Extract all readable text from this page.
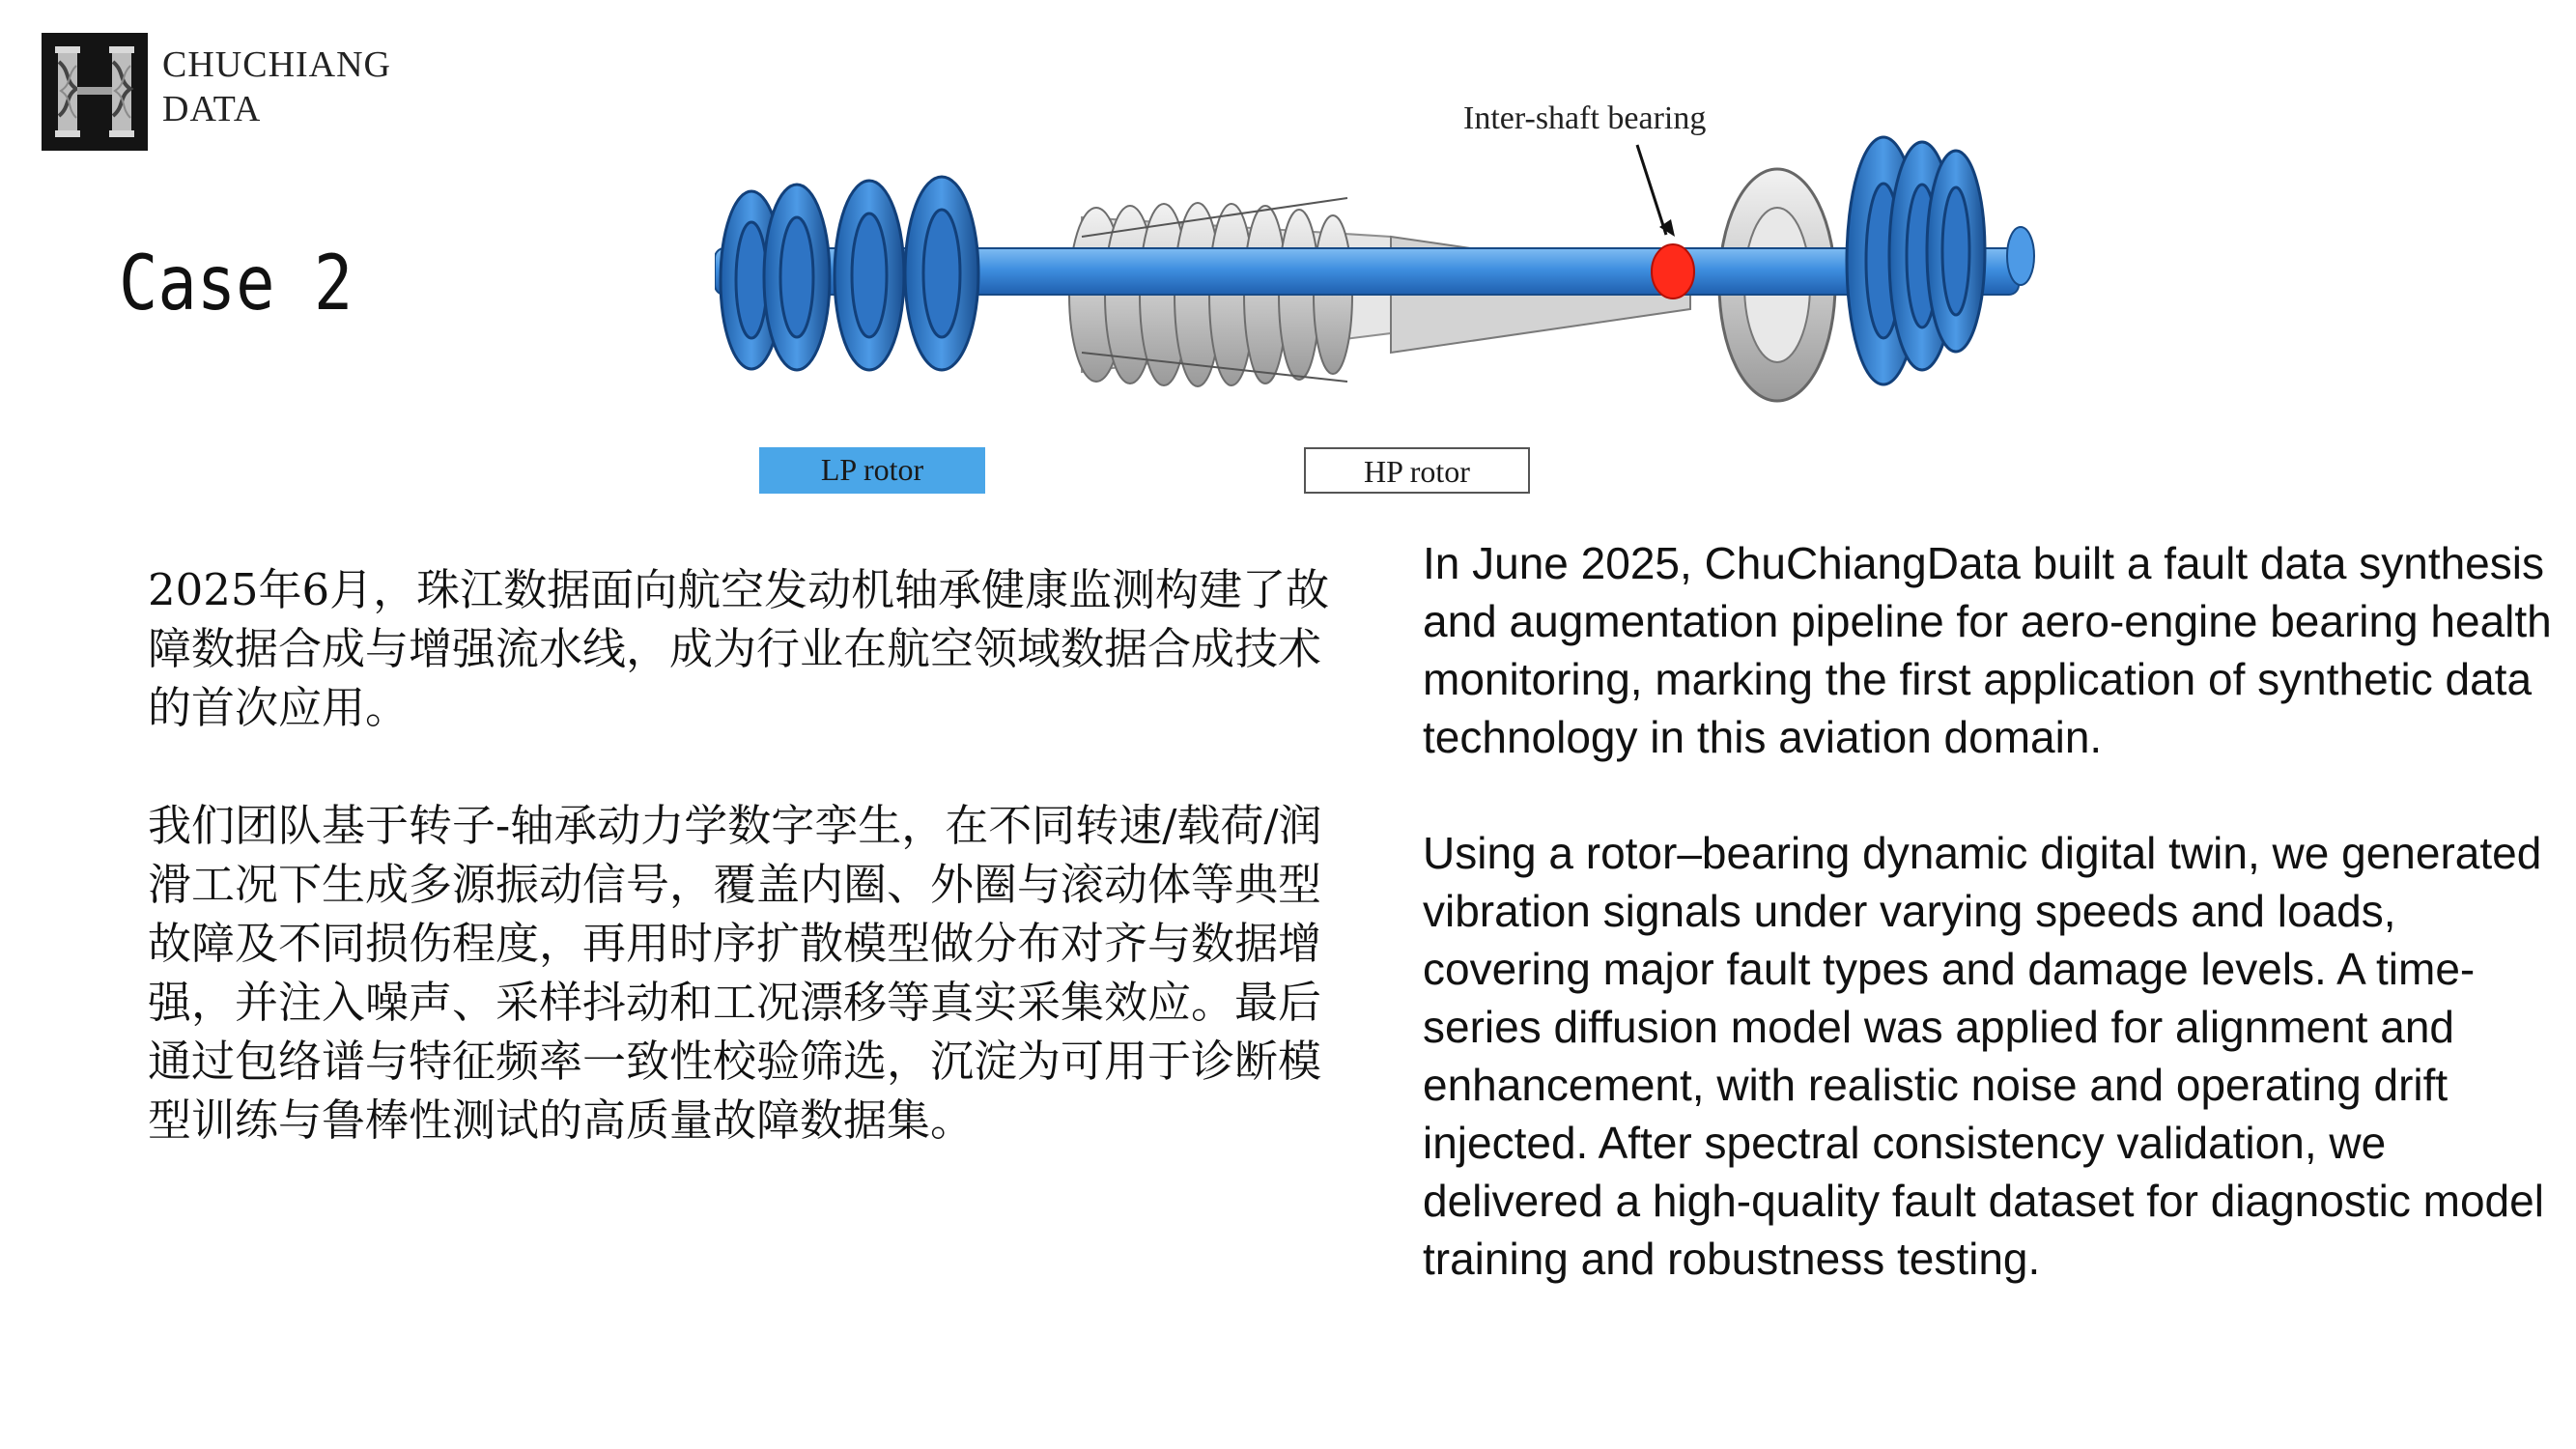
CHUCHIANG
DATA
Case 2
Inter-shaft bearing
LP rotor	HP rotor

2025年6月，珠江数据面向航空发动机轴承健康监测构建了故障数据合成与增强流水线，成为行业在航空领域数据合成技术的首次应用。

我们团队基于转子-轴承动力学数字孪生，在不同转速/载荷/润滑工况下生成多源振动信号，覆盖内圈、外圈与滚动体等典型故障及不同损伤程度，再用时序扩散模型做分布对齐与数据增强，并注入噪声、采样抖动和工况漂移等真实采集效应。最后通过包络谱与特征频率一致性校验筛选，沉淀为可用于诊断模型训练与鲁棒性测试的高质量故障数据集。

In June 2025, ChuChiangData built a fault data synthesis and augmentation pipeline for aero-engine bearing health monitoring, marking the first application of synthetic data technology in this aviation domain.

Using a rotor–bearing dynamic digital twin, we generated vibration signals under varying speeds and loads, covering major fault types and damage levels. A time-series diffusion model was applied for alignment and enhancement, with realistic noise and operating drift injected. After spectral consistency validation, we delivered a high-quality fault dataset for diagnostic model training and robustness testing.
